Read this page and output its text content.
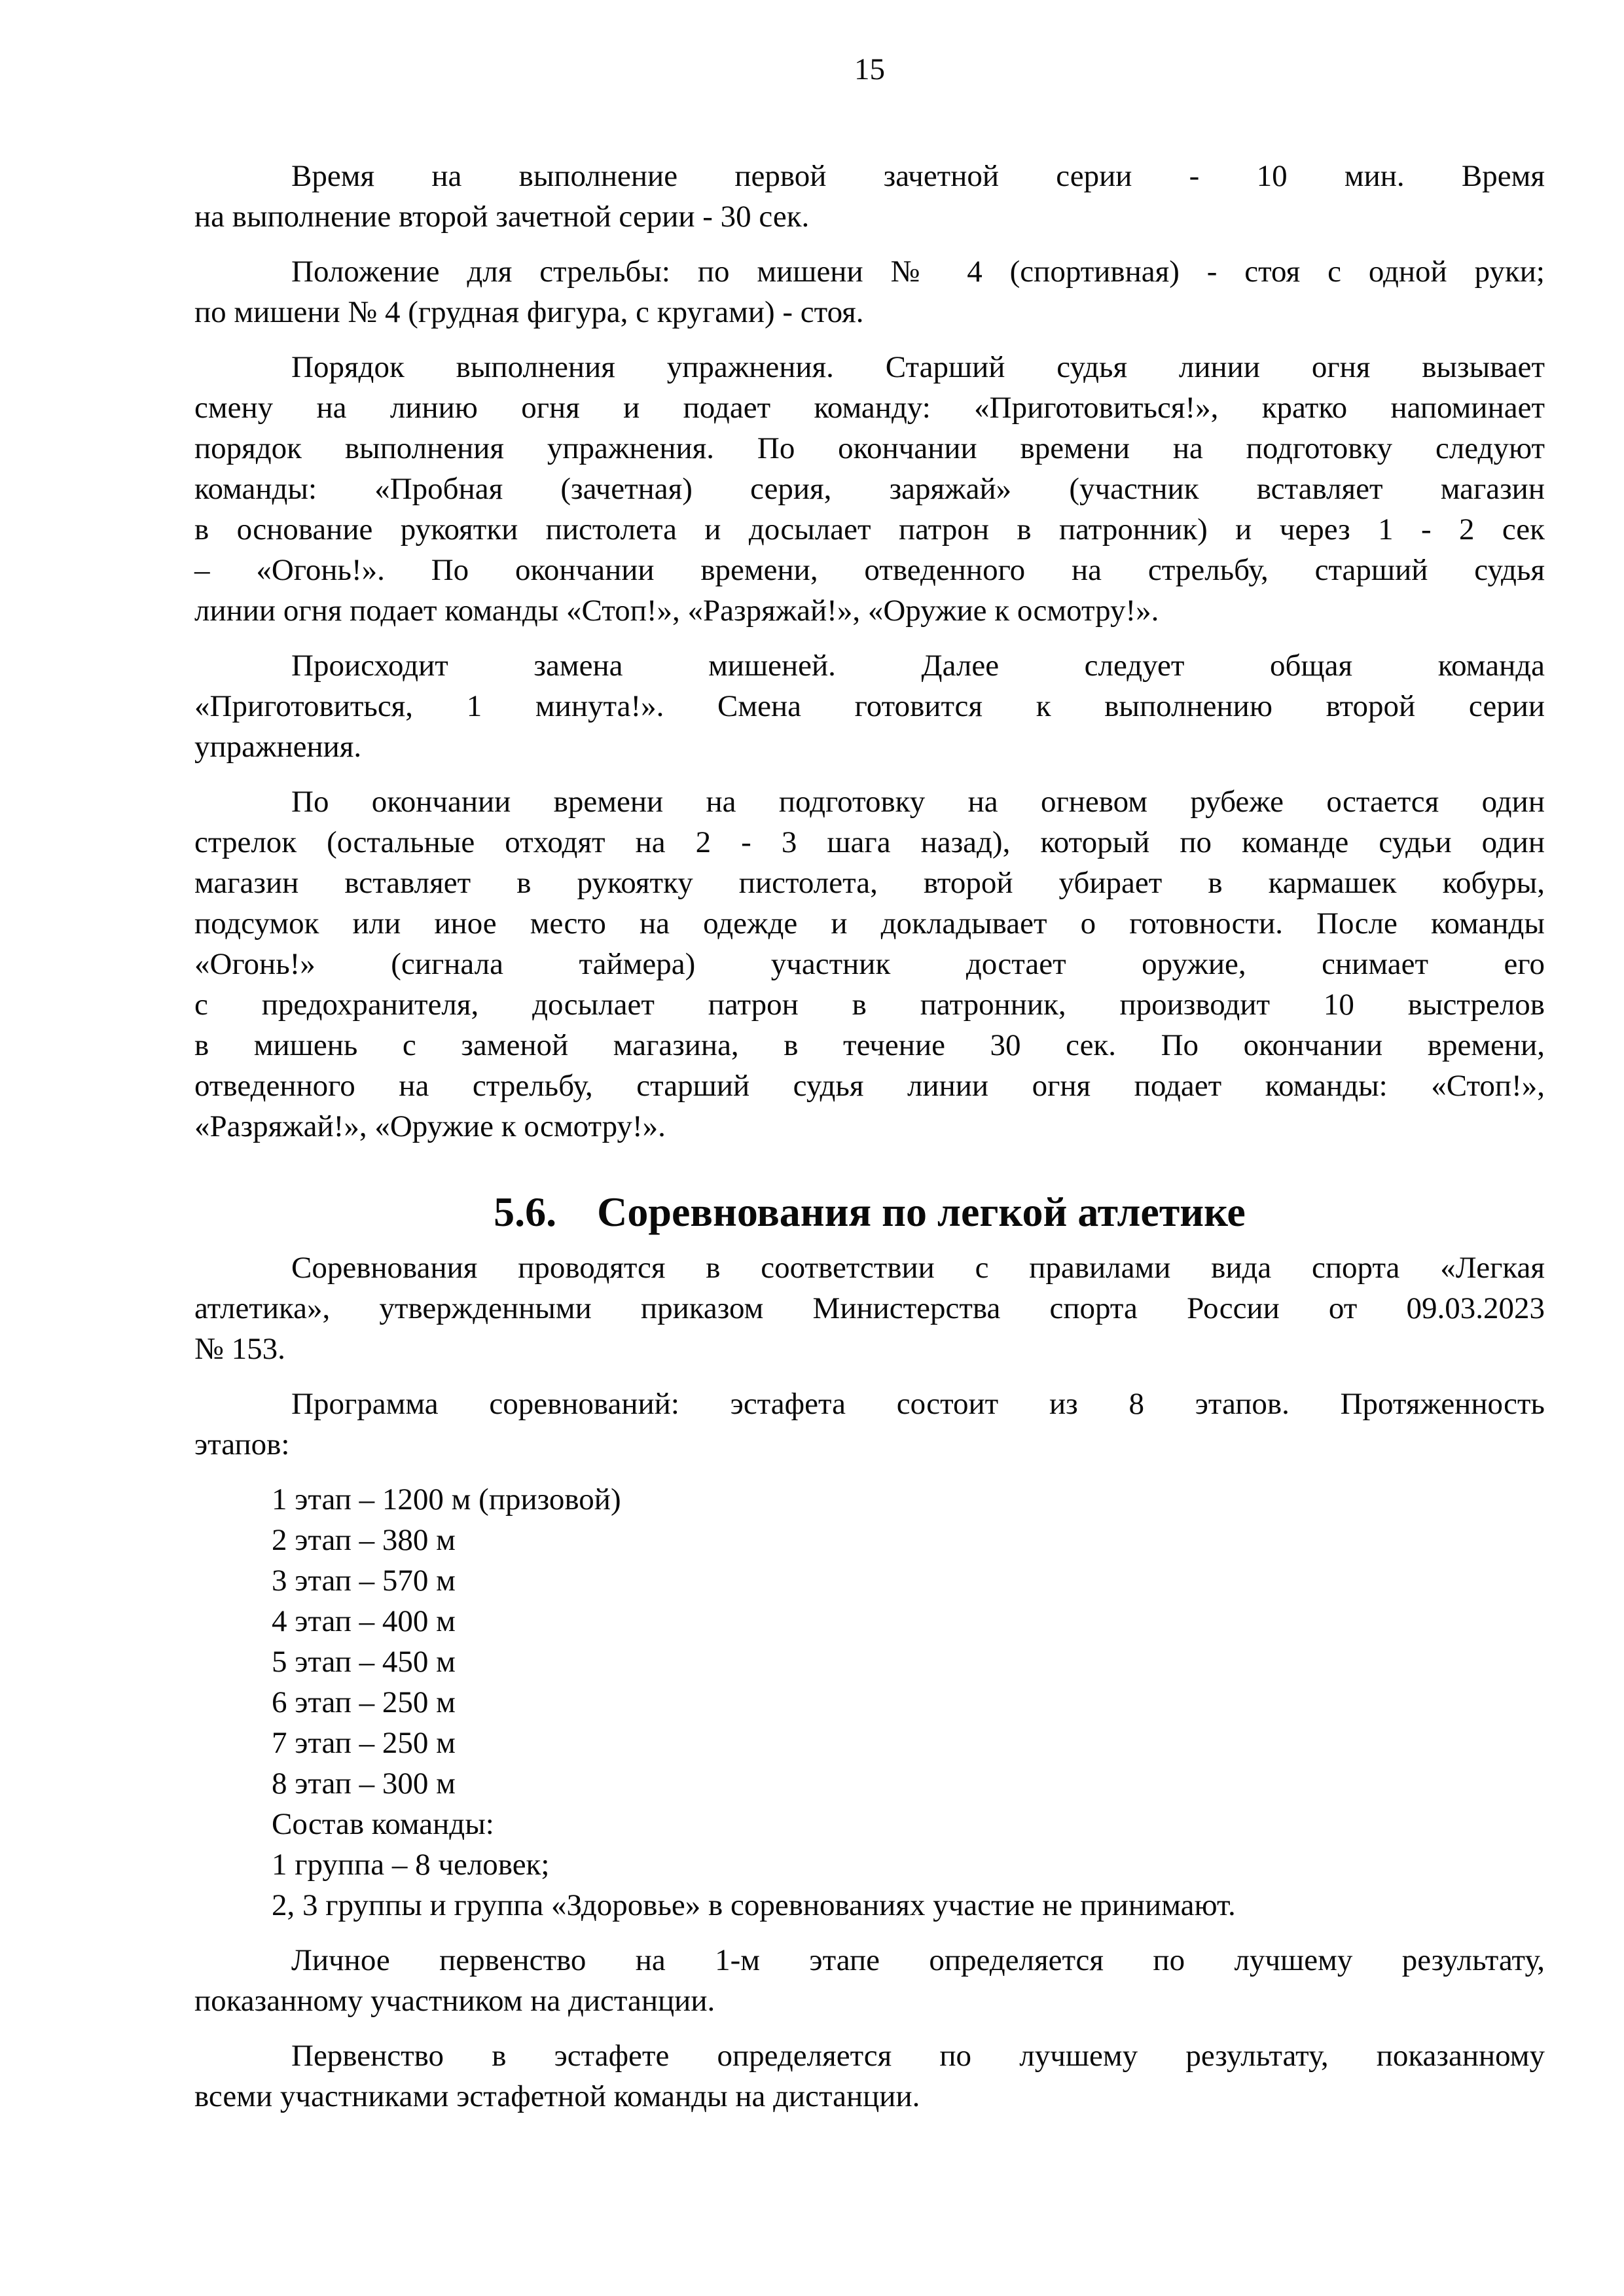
15
Время на выполнение первой зачетной серии - 10 мин. Время
на выполнение второй зачетной серии - 30 сек.
Положение для стрельбы: по мишени № 4 (спортивная) - стоя с одной руки;
по мишени № 4 (грудная фигура, с кругами) - стоя.
Порядок выполнения упражнения. Старший судья линии огня вызывает
смену на линию огня и подает команду: «Приготовиться!», кратко напоминает
порядок выполнения упражнения. По окончании времени на подготовку следуют
команды: «Пробная (зачетная) серия, заряжай» (участник вставляет магазин
в основание рукоятки пистолета и досылает патрон в патронник) и через 1 - 2 сек
– «Огонь!». По окончании времени, отведенного на стрельбу, старший судья
линии огня подает команды «Стоп!», «Разряжай!», «Оружие к осмотру!».
Происходит замена мишеней. Далее следует общая команда
«Приготовиться, 1 минута!». Смена готовится к выполнению второй серии
упражнения.
По окончании времени на подготовку на огневом рубеже остается один
стрелок (остальные отходят на 2 - 3 шага назад), который по команде судьи один
магазин вставляет в рукоятку пистолета, второй убирает в кармашек кобуры,
подсумок или иное место на одежде и докладывает о готовности. После команды
«Огонь!» (сигнала таймера) участник достает оружие, снимает его
с предохранителя, досылает патрон в патронник, производит 10 выстрелов
в мишень с заменой магазина, в течение 30 сек. По окончании времени,
отведенного на стрельбу, старший судья линии огня подает команды: «Стоп!»,
«Разряжай!», «Оружие к осмотру!».
5.6. Соревнования по легкой атлетике
Соревнования проводятся в соответствии с правилами вида спорта «Легкая
атлетика», утвержденными приказом Министерства спорта России от 09.03.2023
№ 153.
Программа соревнований: эстафета состоит из 8 этапов. Протяженность
этапов:
1 этап – 1200 м (призовой)
2 этап – 380 м
3 этап – 570 м
4 этап – 400 м
5 этап – 450 м
6 этап – 250 м
7 этап – 250 м
8 этап – 300 м
Состав команды:
1 группа – 8 человек;
2, 3 группы и группа «Здоровье» в соревнованиях участие не принимают.
Личное первенство на 1-м этапе определяется по лучшему результату,
показанному участником на дистанции.
Первенство в эстафете определяется по лучшему результату, показанному
всеми участниками эстафетной команды на дистанции.
